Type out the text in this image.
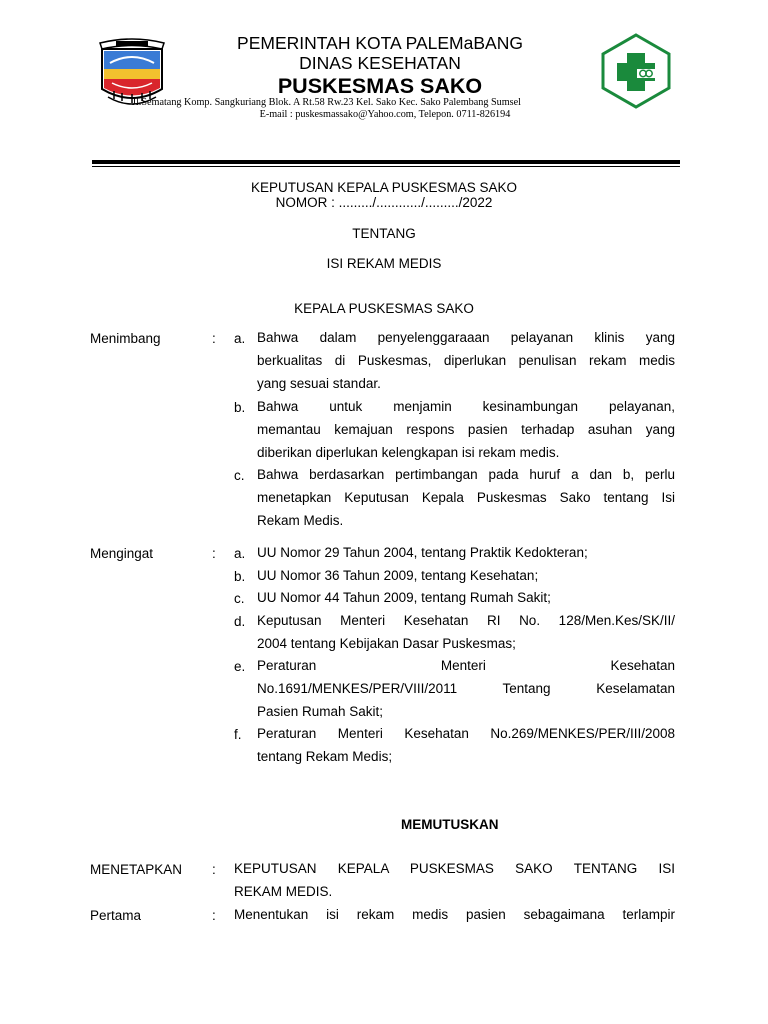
PEMERINTAH KOTA PALEMaBANG
DINAS KESEHATAN
PUSKESMAS SAKO
Jl.Sematang Komp. Sangkuriang Blok. A Rt.58 Rw.23 Kel. Sako Kec. Sako Palembang Sumsel
E-mail : puskesmassako@Yahoo.com, Telepon. 0711-826194
KEPUTUSAN KEPALA PUSKESMAS SAKO
NOMOR : ........./............/........./2022
TENTANG
ISI REKAM MEDIS
KEPALA PUSKESMAS SAKO
Menimbang	: a. Bahwa dalam penyelenggaraaan pelayanan klinis yang
berkualitas di Puskesmas, diperlukan penulisan rekam medis
yang sesuai standar.
b. Bahwa untuk menjamin kesinambungan pelayanan,
memantau kemajuan respons pasien terhadap asuhan yang
diberikan diperlukan kelengkapan isi rekam medis.
c. Bahwa berdasarkan pertimbangan pada huruf a dan b, perlu
menetapkan Keputusan Kepala Puskesmas Sako tentang Isi
Rekam Medis.
Mengingat	: a. UU Nomor 29 Tahun 2004, tentang Praktik Kedokteran;
b. UU Nomor 36 Tahun 2009, tentang Kesehatan;
c. UU Nomor 44 Tahun 2009, tentang Rumah Sakit;
d. Keputusan Menteri Kesehatan RI No. 128/Men.Kes/SK/II/
2004 tentang Kebijakan Dasar Puskesmas;
e. Peraturan Menteri Kesehatan
No.1691/MENKES/PER/VIII/2011 Tentang Keselamatan
Pasien Rumah Sakit;
f. Peraturan Menteri Kesehatan No.269/MENKES/PER/III/2008
tentang Rekam Medis;
MEMUTUSKAN
MENETAPKAN : KEPUTUSAN KEPALA PUSKESMAS SAKO TENTANG ISI
REKAM MEDIS.
Pertama	: Menentukan isi rekam medis pasien sebagaimana terlampir
